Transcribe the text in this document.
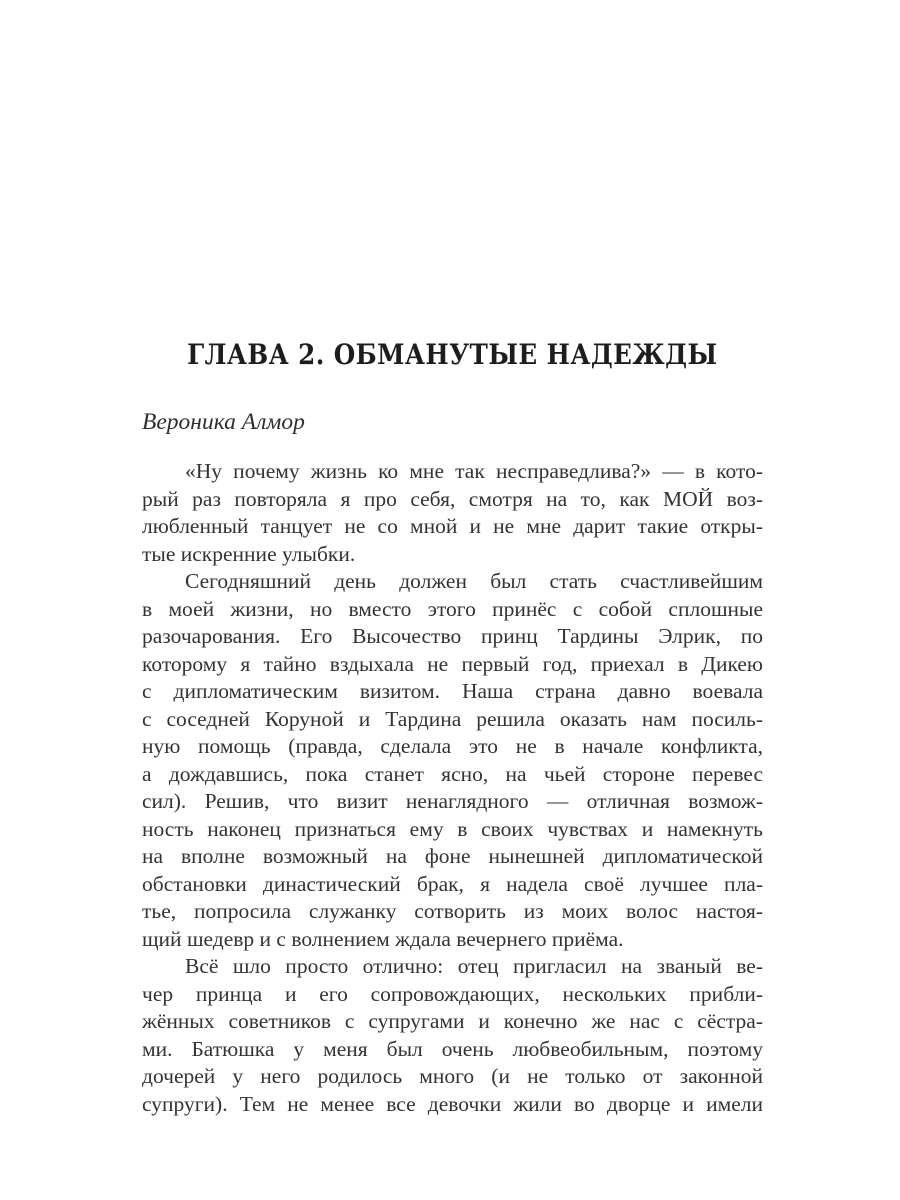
ГЛАВА 2. ОБМАНУТЫЕ НАДЕЖДЫ
Вероника Алмор
«Ну почему жизнь ко мне так несправедлива?» — в кото-
рый раз повторяла я про себя, смотря на то, как МОЙ воз-
любленный танцует не со мной и не мне дарит такие откры-
тые искренние улыбки.
Сегодняшний день должен был стать счастливейшим
в моей жизни, но вместо этого принёс с собой сплошные
разочарования. Его Высочество принц Тардины Элрик, по
которому я тайно вздыхала не первый год, приехал в Дикею
с дипломатическим визитом. Наша страна давно воевала
с соседней Коруной и Тардина решила оказать нам посиль-
ную помощь (правда, сделала это не в начале конфликта,
а дождавшись, пока станет ясно, на чьей стороне перевес
сил). Решив, что визит ненаглядного — отличная возмож-
ность наконец признаться ему в своих чувствах и намекнуть
на вполне возможный на фоне нынешней дипломатической
обстановки династический брак, я надела своё лучшее пла-
тье, попросила служанку сотворить из моих волос настоя-
щий шедевр и с волнением ждала вечернего приёма.
Всё шло просто отлично: отец пригласил на званый ве-
чер принца и его сопровождающих, нескольких прибли-
жённых советников с супругами и конечно же нас с сёстра-
ми. Батюшка у меня был очень любвеобильным, поэтому
дочерей у него родилось много (и не только от законной
супруги). Тем не менее все девочки жили во дворце и имели
